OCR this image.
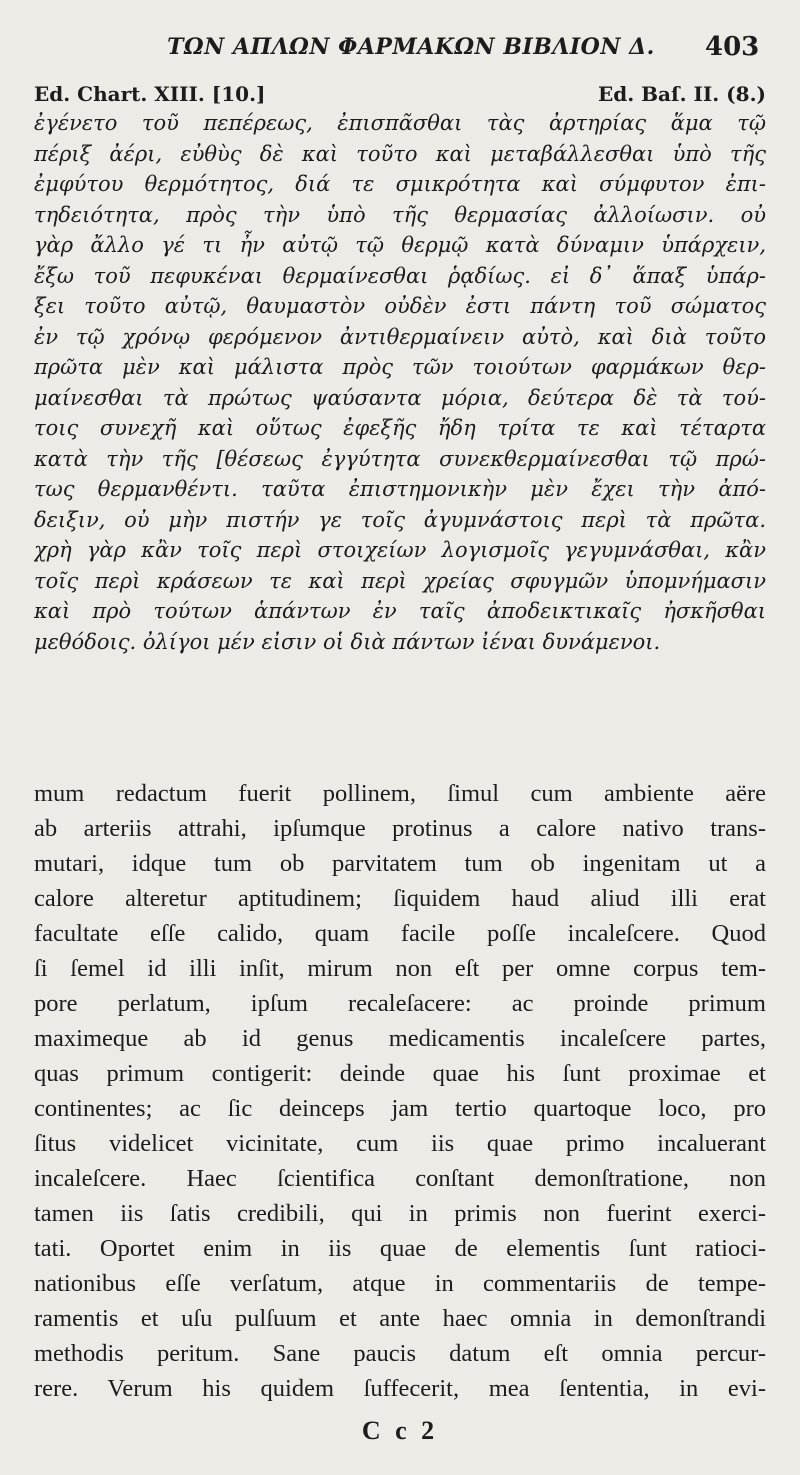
ΤΩΝ ΑΠΛΩΝ ΦΑΡΜΑΚΩΝ ΒΙΒΛΙΟΝ Δ.	403
Ed. Chart. XIII. [10.]	Ed. Baſ. II. (8.)
ἐγένετο τοῦ πεπέρεως, ἐπισπᾶσθαι τὰς ἀρτηρίας ἅμα τῷ
πέριξ ἀέρι, εὐθὺς δὲ καὶ τοῦτο καὶ μεταβάλλεσθαι ὑπὸ τῆς
ἐμφύτου θερμότητος, διά τε σμικρότητα καὶ σύμφυτον ἐπι-
τηδειότητα, πρὸς τὴν ὑπὸ τῆς θερμασίας ἀλλοίωσιν. οὐ
γὰρ ἄλλο γέ τι ἦν αὐτῷ τῷ θερμῷ κατὰ δύναμιν ὑπάρχειν,
ἔξω τοῦ πεφυκέναι θερμαίνεσθαι ῥᾳδίως. εἰ δ᾽ ἅπαξ ὑπάρ-
ξει τοῦτο αὐτῷ, θαυμαστὸν οὐδὲν ἐστι πάντη τοῦ σώματος
ἐν τῷ χρόνῳ φερόμενον ἀντιθερμαίνειν αὐτὸ, καὶ διὰ τοῦτο
πρῶτα μὲν καὶ μάλιστα πρὸς τῶν τοιούτων φαρμάκων θερ-
μαίνεσθαι τὰ πρώτως ψαύσαντα μόρια, δεύτερα δὲ τὰ τού-
τοις συνεχῆ καὶ οὕτως ἐφεξῆς ἤδη τρίτα τε καὶ τέταρτα
κατὰ τὴν τῆς [θέσεως ἐγγύτητα συνεκθερμαίνεσθαι τῷ πρώ-
τως θερμανθέντι. ταῦτα ἐπιστημονικὴν μὲν ἔχει τὴν ἀπό-
δειξιν, οὐ μὴν πιστήν γε τοῖς ἀγυμνάστοις περὶ τὰ πρῶτα.
χρὴ γὰρ κἂν τοῖς περὶ στοιχείων λογισμοῖς γεγυμνάσθαι, κἂν
τοῖς περὶ κράσεων τε καὶ περὶ χρείας σφυγμῶν ὑπομνήμασιν
καὶ πρὸ τούτων ἁπάντων ἐν ταῖς ἀποδεικτικαῖς ἠσκῆσθαι
μεθόδοις. ὀλίγοι μέν εἰσιν οἱ διὰ πάντων ἰέναι δυνάμενοι.
mum redactum fuerit pollinem, ſimul cum ambiente aëre
ab arteriis attrahi, ipſumque protinus a calore nativo trans-
mutari, idque tum ob parvitatem tum ob ingenitam ut a
calore alteretur aptitudinem; ſiquidem haud aliud illi erat
facultate eſſe calido, quam facile poſſe incaleſcere. Quod
ſi ſemel id illi inſit, mirum non eſt per omne corpus tem-
pore perlatum, ipſum recaleſacere: ac proinde primum
maximeque ab id genus medicamentis incaleſcere partes,
quas primum contigerit: deinde quae his ſunt proximae et
continentes; ac ſic deinceps jam tertio quartoque loco, pro
ſitus videlicet vicinitate, cum iis quae primo incaluerant
incaleſcere. Haec ſcientifica conſtant demonſtratione, non
tamen iis ſatis credibili, qui in primis non fuerint exerci-
tati. Oportet enim in iis quae de elementis ſunt ratioci-
nationibus eſſe verſatum, atque in commentariis de tempe-
ramentis et uſu pulſuum et ante haec omnia in demonſtrandi
methodis peritum. Sane paucis datum eſt omnia percur-
rere. Verum his quidem ſuffecerit, mea ſententia, in evi-
C c 2
